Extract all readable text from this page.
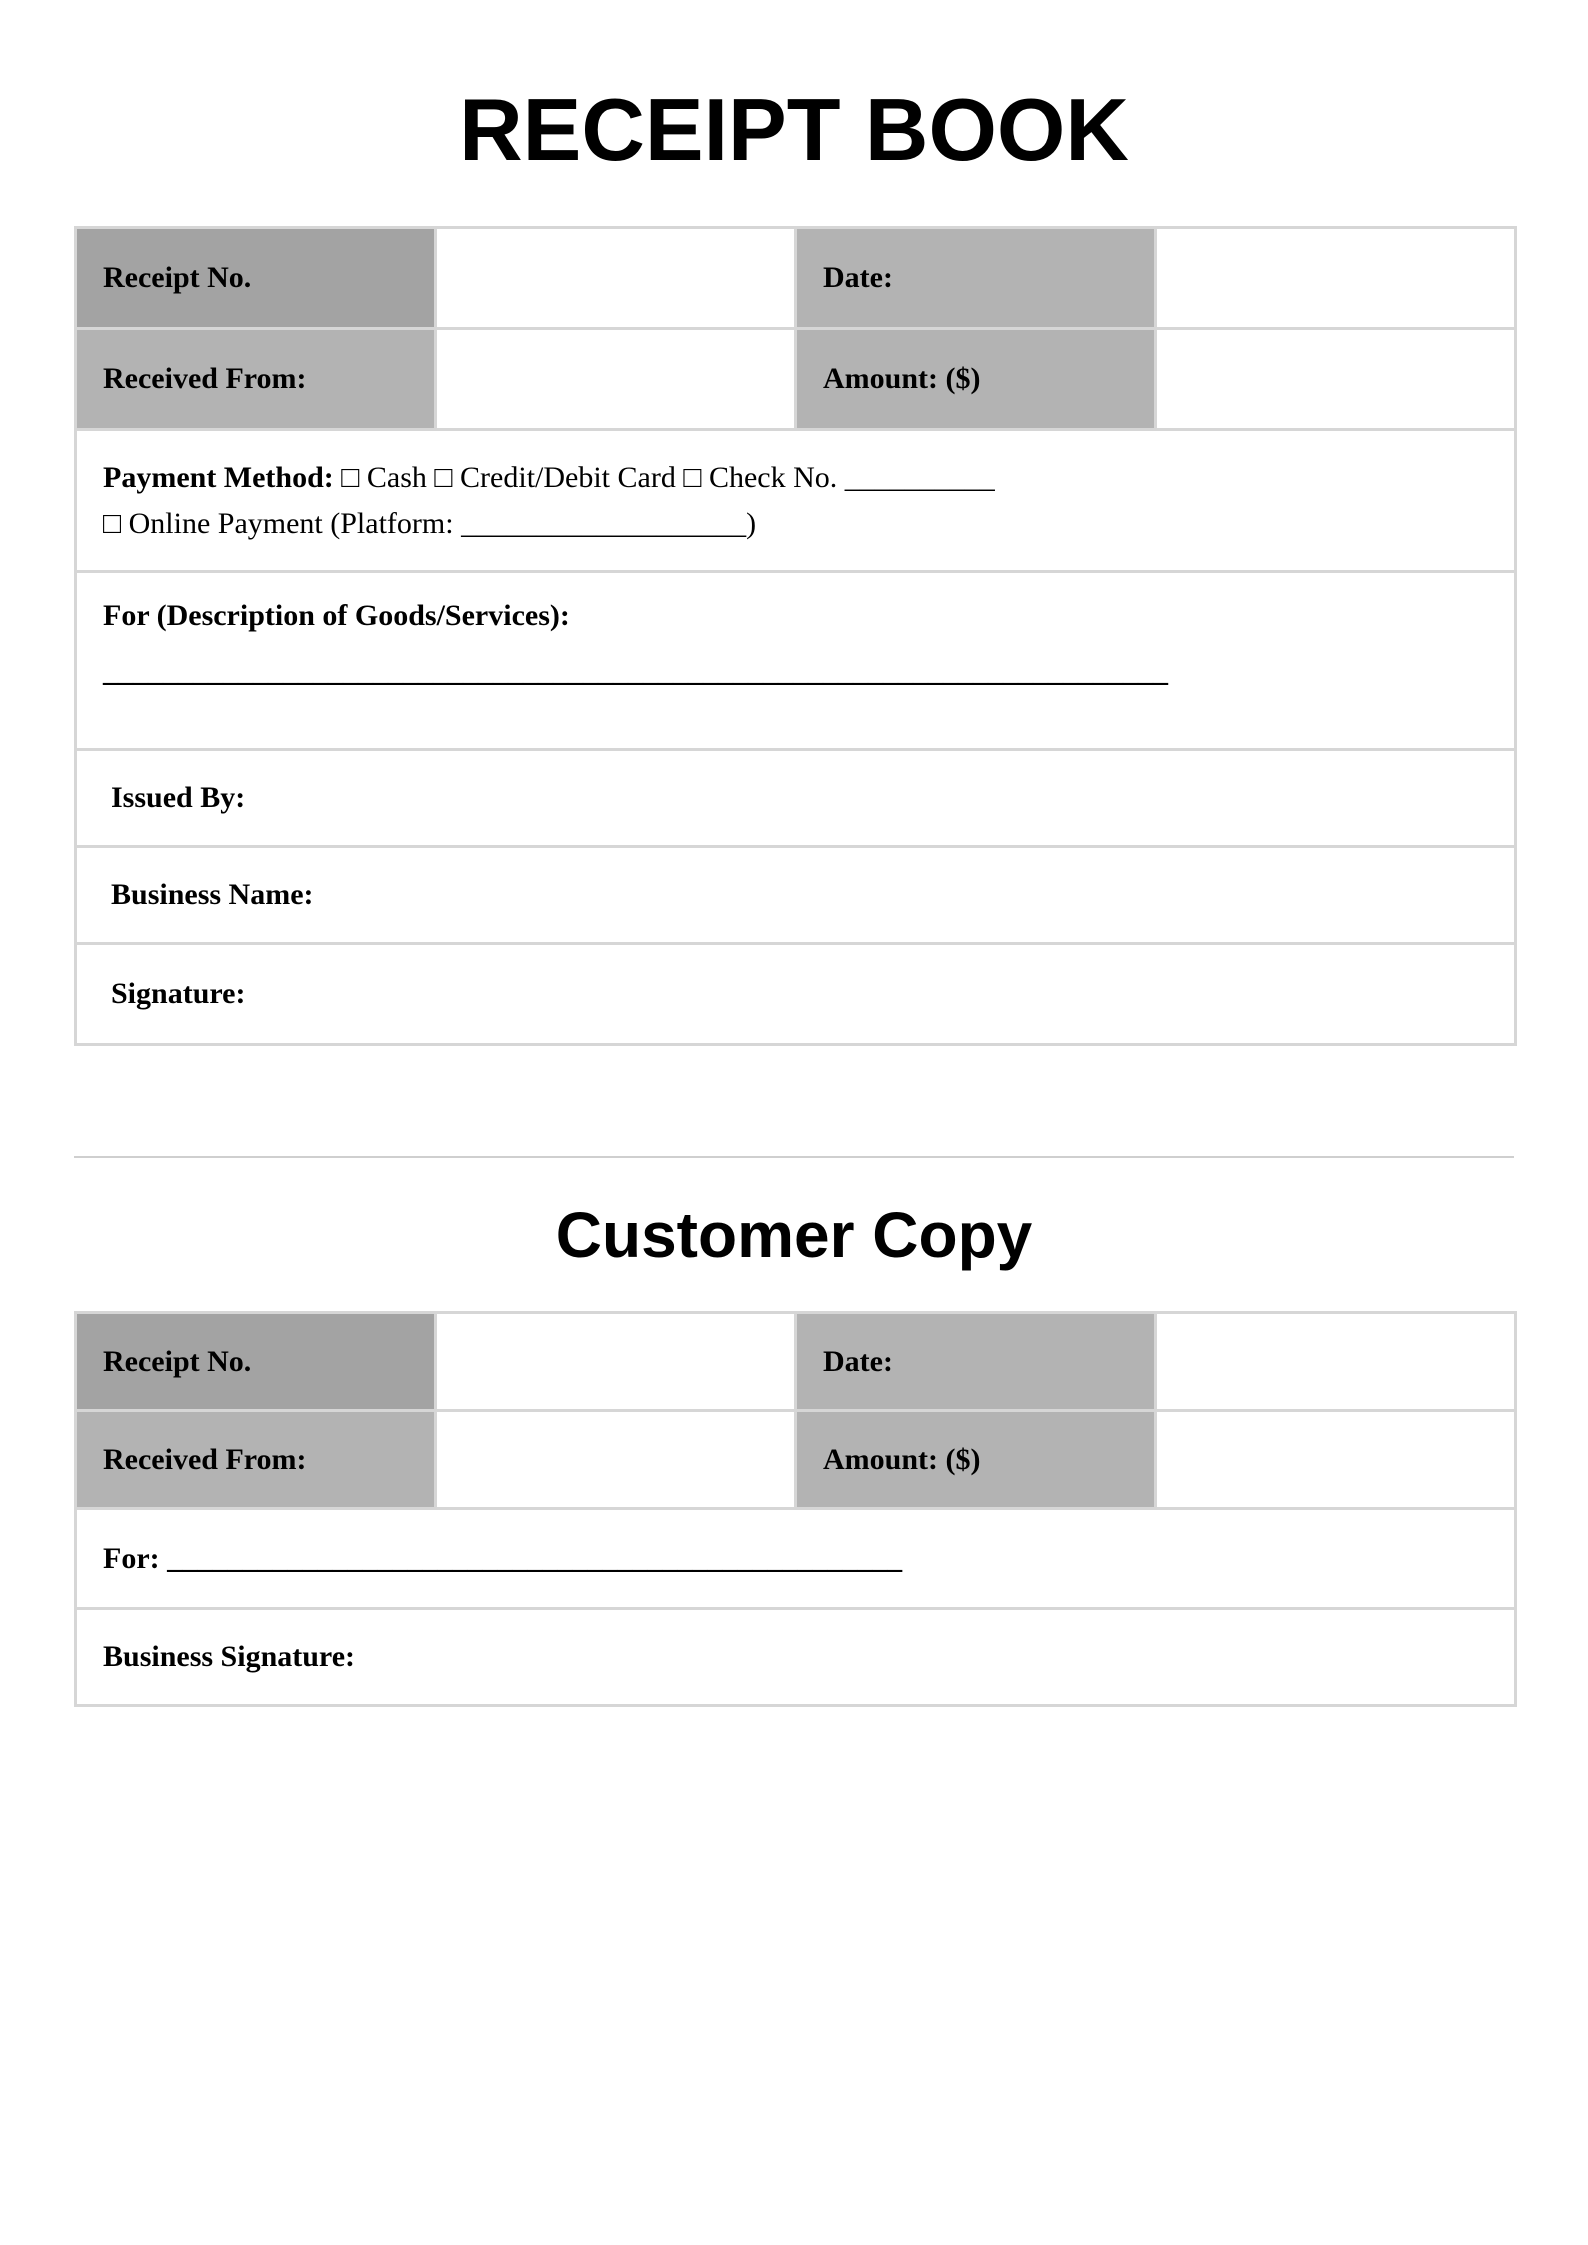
RECEIPT BOOK
Receipt No.		Date:	
Received From:		Amount: ($)	

Payment Method: □ Cash □ Credit/Debit Card □ Check No. __________
□ Online Payment (Platform: ___________________)			

For (Description of Goods/Services):
_______________________________________________________________________			

Issued By:			
Business Name:			
Signature:			
Customer Copy
Receipt No.		Date:	
Received From:		Amount: ($)	
For: _________________________________________________			
Business Signature:			
